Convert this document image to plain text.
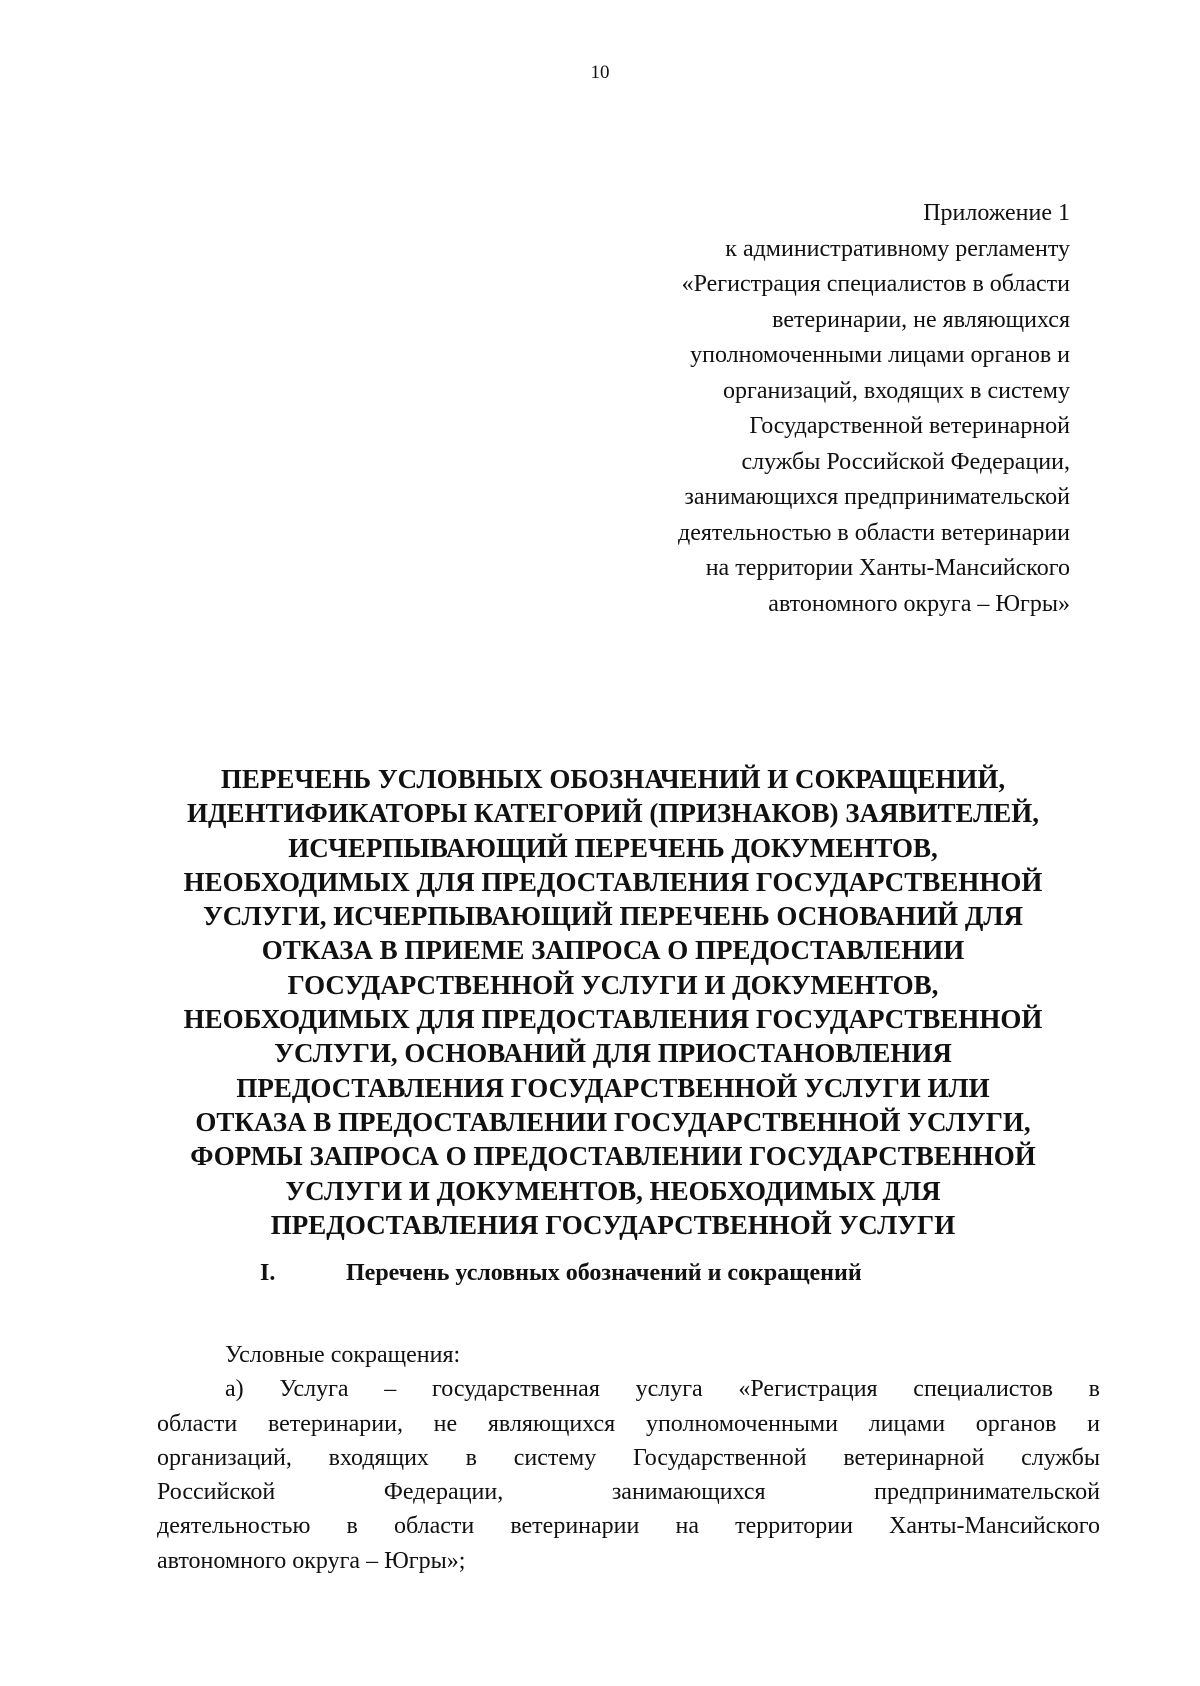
10
Приложение 1
к административному регламенту
«Регистрация специалистов в области
ветеринарии, не являющихся
уполномоченными лицами органов и
организаций, входящих в систему
Государственной ветеринарной
службы Российской Федерации,
занимающихся предпринимательской
деятельностью в области ветеринарии
на территории Ханты-Мансийского
автономного округа – Югры»
ПЕРЕЧЕНЬ УСЛОВНЫХ ОБОЗНАЧЕНИЙ И СОКРАЩЕНИЙ,
ИДЕНТИФИКАТОРЫ КАТЕГОРИЙ (ПРИЗНАКОВ) ЗАЯВИТЕЛЕЙ,
ИСЧЕРПЫВАЮЩИЙ ПЕРЕЧЕНЬ ДОКУМЕНТОВ,
НЕОБХОДИМЫХ ДЛЯ ПРЕДОСТАВЛЕНИЯ ГОСУДАРСТВЕННОЙ
УСЛУГИ, ИСЧЕРПЫВАЮЩИЙ ПЕРЕЧЕНЬ ОСНОВАНИЙ ДЛЯ
ОТКАЗА В ПРИЕМЕ ЗАПРОСА О ПРЕДОСТАВЛЕНИИ
ГОСУДАРСТВЕННОЙ УСЛУГИ И ДОКУМЕНТОВ,
НЕОБХОДИМЫХ ДЛЯ ПРЕДОСТАВЛЕНИЯ ГОСУДАРСТВЕННОЙ
УСЛУГИ, ОСНОВАНИЙ ДЛЯ ПРИОСТАНОВЛЕНИЯ
ПРЕДОСТАВЛЕНИЯ ГОСУДАРСТВЕННОЙ УСЛУГИ ИЛИ
ОТКАЗА В ПРЕДОСТАВЛЕНИИ ГОСУДАРСТВЕННОЙ УСЛУГИ,
ФОРМЫ ЗАПРОСА О ПРЕДОСТАВЛЕНИИ ГОСУДАРСТВЕННОЙ
УСЛУГИ И ДОКУМЕНТОВ, НЕОБХОДИМЫХ ДЛЯ
ПРЕДОСТАВЛЕНИЯ ГОСУДАРСТВЕННОЙ УСЛУГИ
I.	Перечень условных обозначений и сокращений
Условные сокращения:
а) Услуга – государственная услуга «Регистрация специалистов в
области ветеринарии, не являющихся уполномоченными лицами органов и
организаций, входящих в систему Государственной ветеринарной службы
Российской Федерации, занимающихся предпринимательской
деятельностью в области ветеринарии на территории Ханты-Мансийского
автономного округа – Югры»;
